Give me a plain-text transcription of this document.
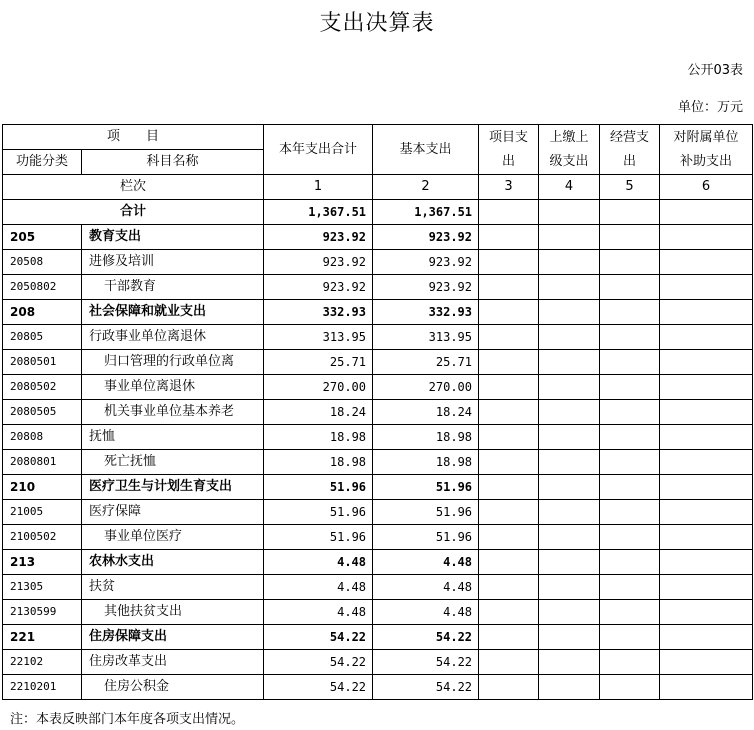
支出决算表
公开03表
单位：万元
项　　目		本年支出合计	基本支出	项目支出	上缴上级支出	经营支出	对附属单位补助支出
功能分类	科目名称						
栏次		1	2	3	4	5	6
合计		1,367.51	1,367.51				
205	教育支出	923.92	923.92				
20508	进修及培训	923.92	923.92				
2050802	干部教育	923.92	923.92				
208	社会保障和就业支出	332.93	332.93				
20805	行政事业单位离退休	313.95	313.95				
2080501	归口管理的行政单位离	25.71	25.71				
2080502	事业单位离退休	270.00	270.00				
2080505	机关事业单位基本养老	18.24	18.24				
20808	抚恤	18.98	18.98				
2080801	死亡抚恤	18.98	18.98				
210	医疗卫生与计划生育支出	51.96	51.96				
21005	医疗保障	51.96	51.96				
2100502	事业单位医疗	51.96	51.96				
213	农林水支出	4.48	4.48				
21305	扶贫	4.48	4.48				
2130599	其他扶贫支出	4.48	4.48				
221	住房保障支出	54.22	54.22				
22102	住房改革支出	54.22	54.22				
2210201	住房公积金	54.22	54.22				
注：本表反映部门本年度各项支出情况。
